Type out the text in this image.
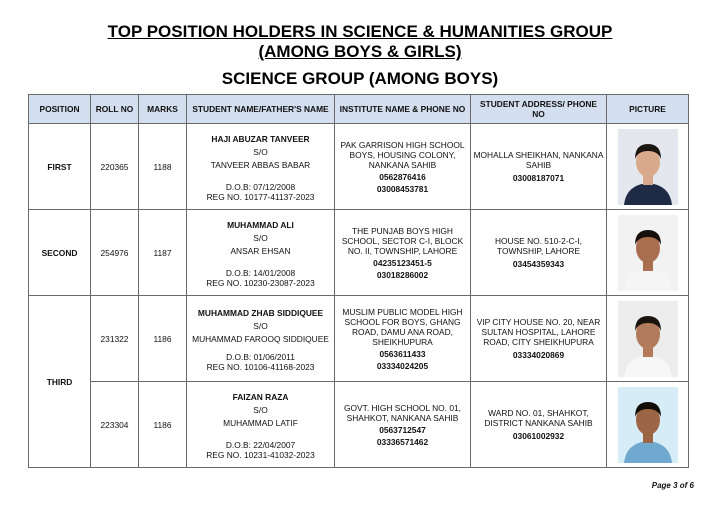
TOP POSITION HOLDERS IN SCIENCE & HUMANITIES GROUP
(AMONG BOYS & GIRLS)
SCIENCE GROUP (AMONG BOYS)
POSITION	ROLL NO	MARKS	STUDENT NAME/FATHER'S NAME	INSTITUTE NAME & PHONE NO	STUDENT ADDRESS/ PHONE NO	PICTURE
FIRST	220365	1188	HAJI ABUZAR TANVEER
S/O
TANVEER ABBAS BABAR
D.O.B: 07/12/2008
REG NO. 10177-41137-2023	PAK GARRISON HIGH SCHOOL BOYS, HOUSING COLONY, NANKANA SAHIB
0562876416
03008453781	MOHALLA SHEIKHAN, NANKANA SAHIB
03008187071

SECOND	254976	1187	MUHAMMAD ALI
S/O
ANSAR EHSAN
D.O.B: 14/01/2008
REG NO. 10230-23087-2023	THE PUNJAB BOYS HIGH SCHOOL, SECTOR C-I, BLOCK NO. II, TOWNSHIP, LAHORE
04235123451-5
03018286002	HOUSE NO. 510-2-C-I, TOWNSHIP, LAHORE
03454359343

THIRD	231322	1186	MUHAMMAD ZHAB SIDDIQUEE
S/O
MUHAMMAD FAROOQ SIDDIQUEE
D.O.B: 01/06/2011
REG NO. 10106-41168-2023	MUSLIM PUBLIC MODEL HIGH SCHOOL FOR BOYS, GHANG ROAD, DAMU ANA ROAD, SHEIKHUPURA
0563611433
03334024205	VIP CITY HOUSE NO. 20, NEAR SULTAN HOSPITAL, LAHORE ROAD, CITY SHEIKHUPURA
03334020869

	223304	1186	FAIZAN RAZA
S/O
MUHAMMAD LATIF
D.O.B: 22/04/2007
REG NO. 10231-41032-2023	GOVT. HIGH SCHOOL NO. 01, SHAHKOT, NANKANA SAHIB
0563712547
03336571462	WARD NO. 01, SHAHKOT, DISTRICT NANKANA SAHIB
03061002932

Page 3 of 6
